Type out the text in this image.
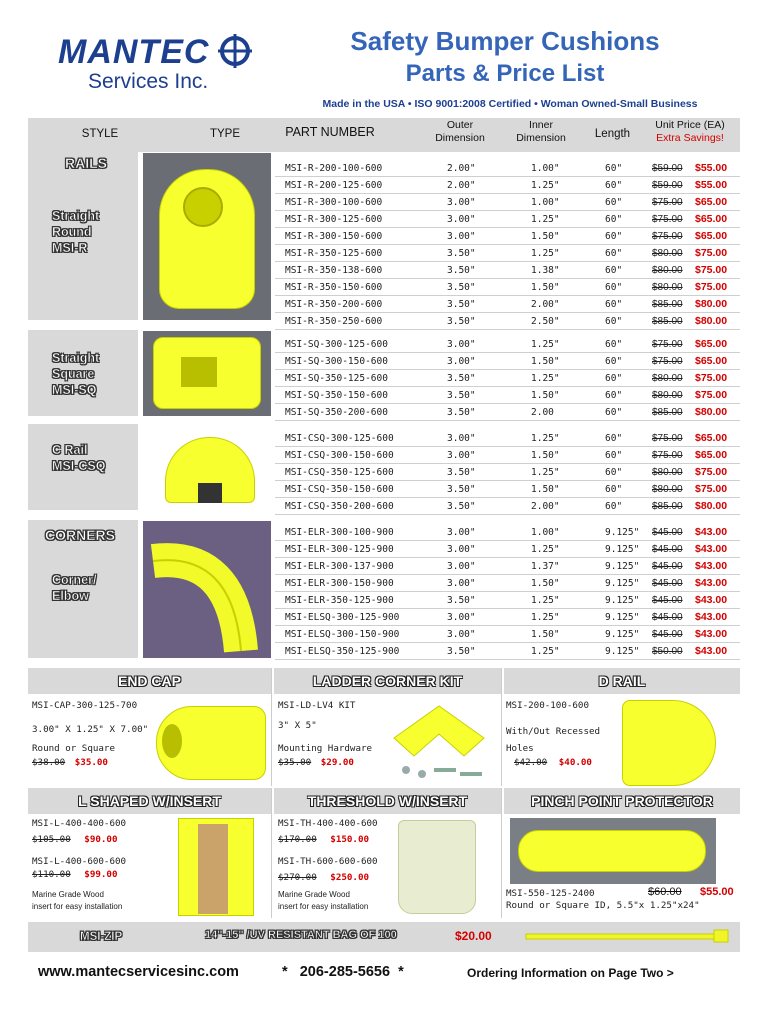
MANTEC
Services Inc.
Safety Bumper Cushions
Parts & Price List
Made in the USA • ISO 9001:2008 Certified • Woman Owned-Small Business
STYLE	TYPE	PART NUMBER	Outer
Dimension
Inner
Dimension	Length
Unit Price (EA)
Extra Savings!
RAILS
Straight
Round
MSI-R
Straight
Square
MSI-SQ
C Rail
MSI-CSQ
CORNERS
Corner/
Elbow
MSI-R-200-100-600	2.00"	1.00"	60"	$59.00 $55.00
MSI-R-200-125-600	2.00"	1.25"	60"	$59.00 $55.00
MSI-R-300-100-600	3.00"	1.00"	60"	$75.00 $65.00
MSI-R-300-125-600	3.00"	1.25"	60"	$75.00 $65.00
MSI-R-300-150-600	3.00"	1.50"	60"	$75.00 $65.00
MSI-R-350-125-600	3.50"	1.25"	60"	$80.00 $75.00
MSI-R-350-138-600	3.50"	1.38"	60"	$80.00 $75.00
MSI-R-350-150-600	3.50"	1.50"	60"	$80.00 $75.00
MSI-R-350-200-600	3.50"	2.00"	60"	$85.00 $80.00
MSI-R-350-250-600	3.50"	2.50"	60"	$85.00 $80.00
MSI-SQ-300-125-600	3.00"	1.25"	60"	$75.00 $65.00
MSI-SQ-300-150-600	3.00"	1.50"	60"	$75.00 $65.00
MSI-SQ-350-125-600	3.50"	1.25"	60"	$80.00 $75.00
MSI-SQ-350-150-600	3.50"	1.50"	60"	$80.00 $75.00
MSI-SQ-350-200-600	3.50"	2.00	60"	$85.00 $80.00
MSI-CSQ-300-125-600	3.00"	1.25"	60"	$75.00 $65.00
MSI-CSQ-300-150-600	3.00"	1.50"	60"	$75.00 $65.00
MSI-CSQ-350-125-600	3.50"	1.25"	60"	$80.00 $75.00
MSI-CSQ-350-150-600	3.50"	1.50"	60"	$80.00 $75.00
MSI-CSQ-350-200-600	3.50"	2.00"	60"	$85.00 $80.00
MSI-ELR-300-100-900	3.00"	1.00"	9.125" $45.00 $43.00
MSI-ELR-300-125-900	3.00"	1.25"	9.125" $45.00 $43.00
MSI-ELR-300-137-900	3.00"	1.37"	9.125" $45.00 $43.00
MSI-ELR-300-150-900	3.00"	1.50"	9.125" $45.00 $43.00
MSI-ELR-350-125-900	3.50"	1.25"	9.125" $45.00 $43.00
MSI-ELSQ-300-125-900	3.00"	1.25"	9.125" $45.00 $43.00
MSI-ELSQ-300-150-900	3.00"	1.50"	9.125" $45.00 $43.00
MSI-ELSQ-350-125-900	3.50"	1.25"	9.125" $50.00 $43.00
END CAP
MSI-CAP-300-125-700
3.00" X 1.25" X 7.00"
Round or Square
$38.00 $35.00
LADDER CORNER KIT
MSI-LD-LV4 KIT
3" X 5"
Mounting Hardware
$35.00 $29.00
D RAIL
MSI-200-100-600
With/Out Recessed
Holes
$42.00 $40.00
L SHAPED W/INSERT
MSI-L-400-400-600
$105.00 $90.00
MSI-L-400-600-600
$110.00 $99.00
Marine Grade Wood
insert for easy installation
THRESHOLD W/INSERT
MSI-TH-400-400-600
$170.00 $150.00
MSI-TH-600-600-600
$270.00 $250.00
Marine Grade Wood
insert for easy installation
PINCH POINT PROTECTOR
MSI-550-125-2400	$60.00 $55.00
Round or Square ID, 5.5"x 1.25"x24"
MSI-ZIP	14"-15" /UV RESISTANT BAG OF 100	$20.00
www.mantecservicesinc.com	*   206-285-5656  *	Ordering Information on Page Two >
